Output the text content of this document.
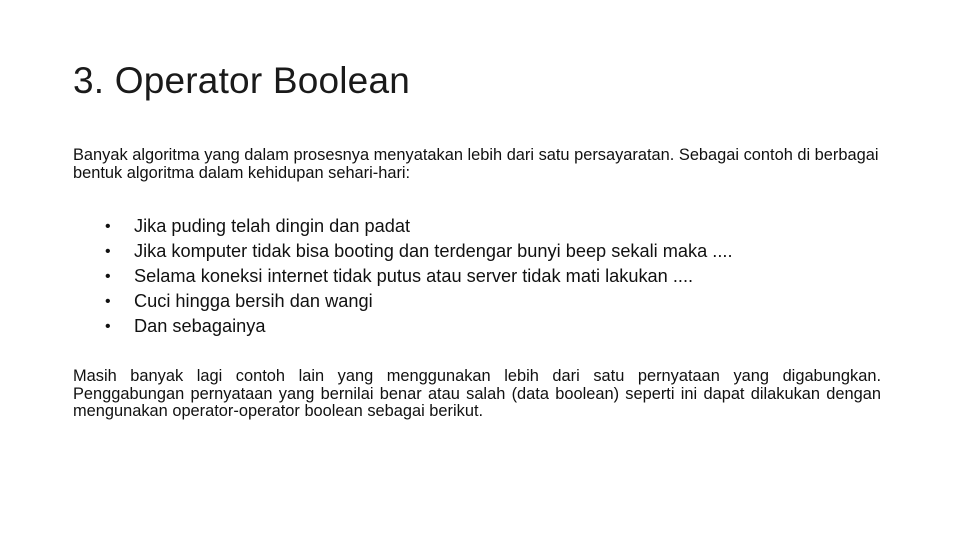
3. Operator Boolean

Banyak algoritma yang dalam prosesnya menyatakan lebih dari satu persayaratan. Sebagai contoh di berbagai bentuk algoritma dalam kehidupan sehari-hari:

• Jika puding telah dingin dan padat
• Jika komputer tidak bisa booting dan terdengar bunyi beep sekali maka ....
• Selama koneksi internet tidak putus atau server tidak mati lakukan ....
• Cuci hingga bersih dan wangi
• Dan sebagainya

Masih banyak lagi contoh lain yang menggunakan lebih dari satu pernyataan yang digabungkan. Penggabungan pernyataan yang bernilai benar atau salah (data boolean) seperti ini dapat dilakukan dengan mengunakan operator-operator boolean sebagai berikut.
